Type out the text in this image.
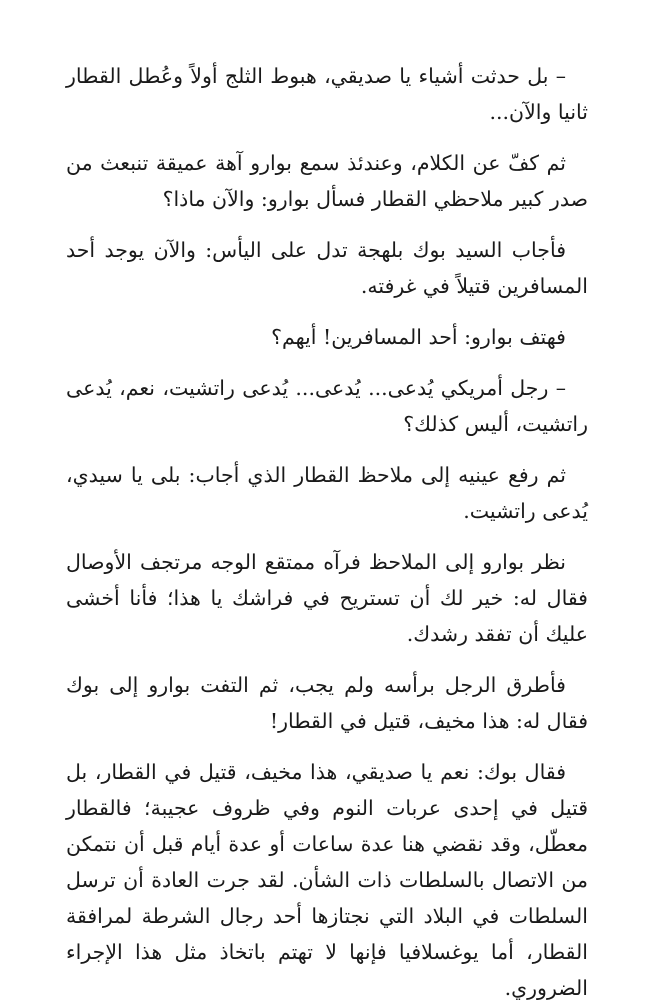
– بل حدثت أشياء يا صديقي، هبوط الثلج أولاً وعُطل القطار ثانيا والآن...

ثم كفّ عن الكلام، وعندئذ سمع بوارو آهة عميقة تنبعث من صدر كبير ملاحظي القطار فسأل بوارو: والآن ماذا؟

فأجاب السيد بوك بلهجة تدل على اليأس: والآن يوجد أحد المسافرين قتيلاً في غرفته.

فهتف بوارو: أحد المسافرين! أيهم؟

– رجل أمريكي يُدعى... يُدعى... يُدعى راتشيت، نعم، يُدعى راتشيت، أليس كذلك؟

ثم رفع عينيه إلى ملاحظ القطار الذي أجاب: بلى يا سيدي، يُدعى راتشيت.

نظر بوارو إلى الملاحظ فرآه ممتقع الوجه مرتجف الأوصال فقال له: خير لك أن تستريح في فراشك يا هذا؛ فأنا أخشى عليك أن تفقد رشدك.

فأطرق الرجل برأسه ولم يجب، ثم التفت بوارو إلى بوك فقال له: هذا مخيف، قتيل في القطار!

فقال بوك: نعم يا صديقي، هذا مخيف، قتيل في القطار، بل قتيل في إحدى عربات النوم وفي ظروف عجيبة؛ فالقطار معطّل، وقد نقضي هنا عدة ساعات أو عدة أيام قبل أن نتمكن من الاتصال بالسلطات ذات الشأن. لقد جرت العادة أن ترسل السلطات في البلاد التي نجتازها أحد رجال الشرطة لمرافقة القطار، أما يوغسلافيا فإنها لا تهتم باتخاذ مثل هذا الإجراء الضروري.
